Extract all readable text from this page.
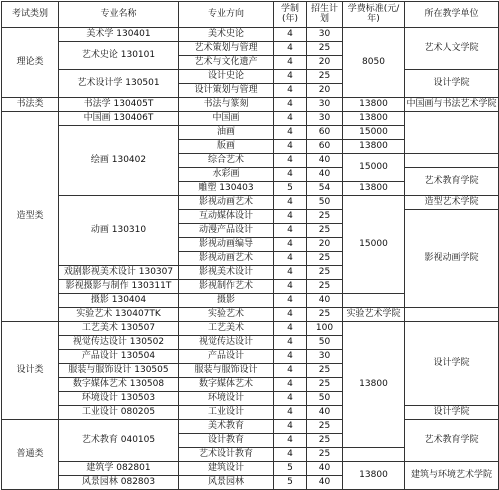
考试类别	专业名称	专业方向	学制(年)	招生计划	学费标准(元/年)	所在教学单位	
理论类	美术学 130401	美术史论	4	30	8050	艺术人文学院	
	艺术史论 130101	艺术策划与管理	4	25			
		艺术与文化遗产	4	20			
	艺术设计学 130501	设计史论	4	25		设计学院	
		设计策划与管理	4	20			
书法类	书法学 130405T	书法与篆刻	4	30	13800	中国画与书法艺术学院	
造型类	中国画 130406T	中国画	4	30	13800		
	绘画 130402	油画	4	60	15000		
		版画	4	60	13800		
		综合艺术	4	40	15000		
		水彩画	4	40		艺术教育学院	
		雕塑 130403	5	54	13800		
	动画 130310	影视动画艺术	4	50	15000	造型艺术学院	
		互动媒体设计	4	25		影视动画学院	
		动漫产品设计	4	25			
		影视动画编导	4	20			
		影视动画艺术	4	25			
	戏剧影视美术设计 130307	影视美术设计	4	25			
	影视摄影与制作 130311T	影视制作艺术	4	25	
	摄影 130404	摄影	4	40			
	实验艺术 130407TK	实验艺术	4	25	实验艺术学院		
设计类	工艺美术 130507	工艺美术	4	100	13800	设计学院	
	视觉传达设计 130502	视觉传达设计	4	50			
	产品设计 130504	产品设计	4	30			
	服装与服饰设计 130505	服装与服饰设计	4	25			
	数字媒体艺术 130508	数字媒体艺术	4	25			
	环境设计 130503	环境设计	4	50	
	工业设计 080205	工业设计	4	40		设计学院	
普通类	艺术教育 040105	美术教育	4	25		艺术教育学院	
		设计教育	4	25			
		艺术设计教育	4	25			
	建筑学 082801	建筑设计	5	40	13800	建筑与环境艺术学院	
	风景园林 082803	风景园林	5	40			
